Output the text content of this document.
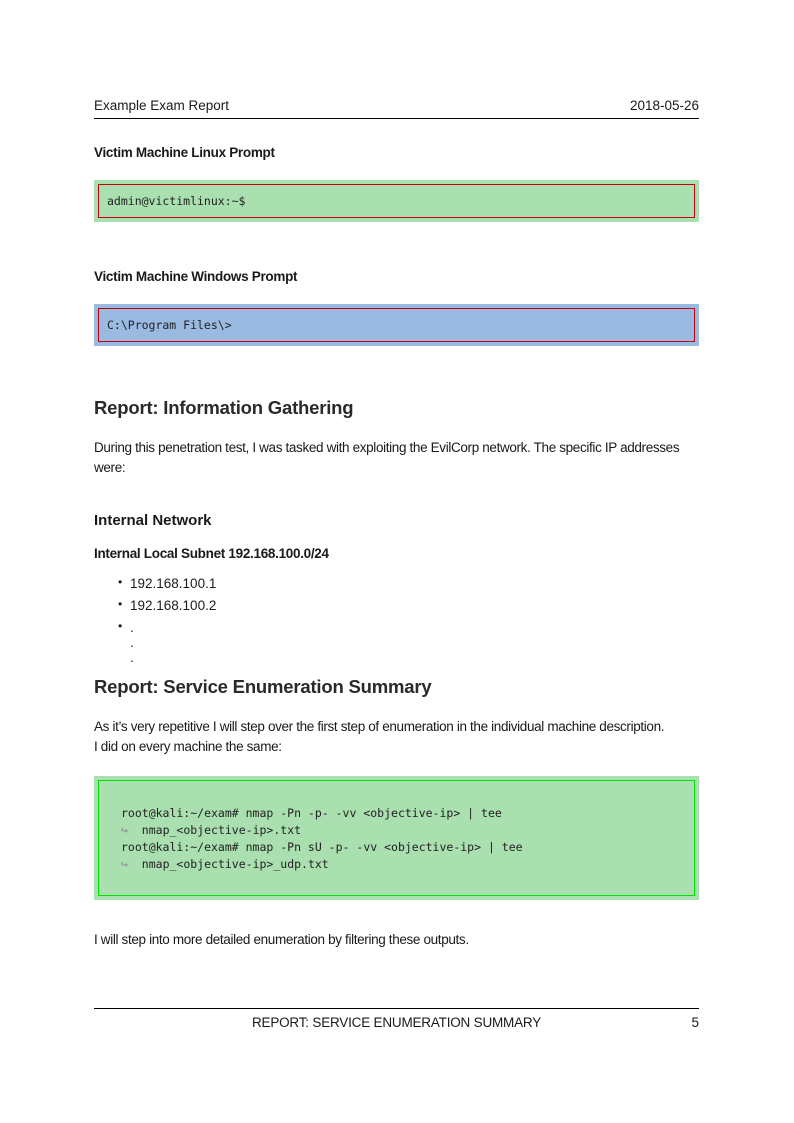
Example Exam Report	2018-05-26
Victim Machine Linux Prompt
admin@victimlinux:~$
Victim Machine Windows Prompt
C:\Program Files\>
Report: Information Gathering
During this penetration test, I was tasked with exploiting the EvilCorp network. The specific IP addresses
were:
Internal Network
Internal Local Subnet 192.168.100.0/24
• 192.168.100.1
• 192.168.100.2
• . . .
Report: Service Enumeration Summary
As it’s very repetitive I will step over the first step of enumeration in the individual machine description.
I did on every machine the same:
root@kali:~/exam# nmap -Pn -p- -vv <objective-ip> | tee
↪ nmap_<objective-ip>.txt
root@kali:~/exam# nmap -Pn sU -p- -vv <objective-ip> | tee
↪ nmap_<objective-ip>_udp.txt
I will step into more detailed enumeration by filtering these outputs.
REPORT: SERVICE ENUMERATION SUMMARY	5
